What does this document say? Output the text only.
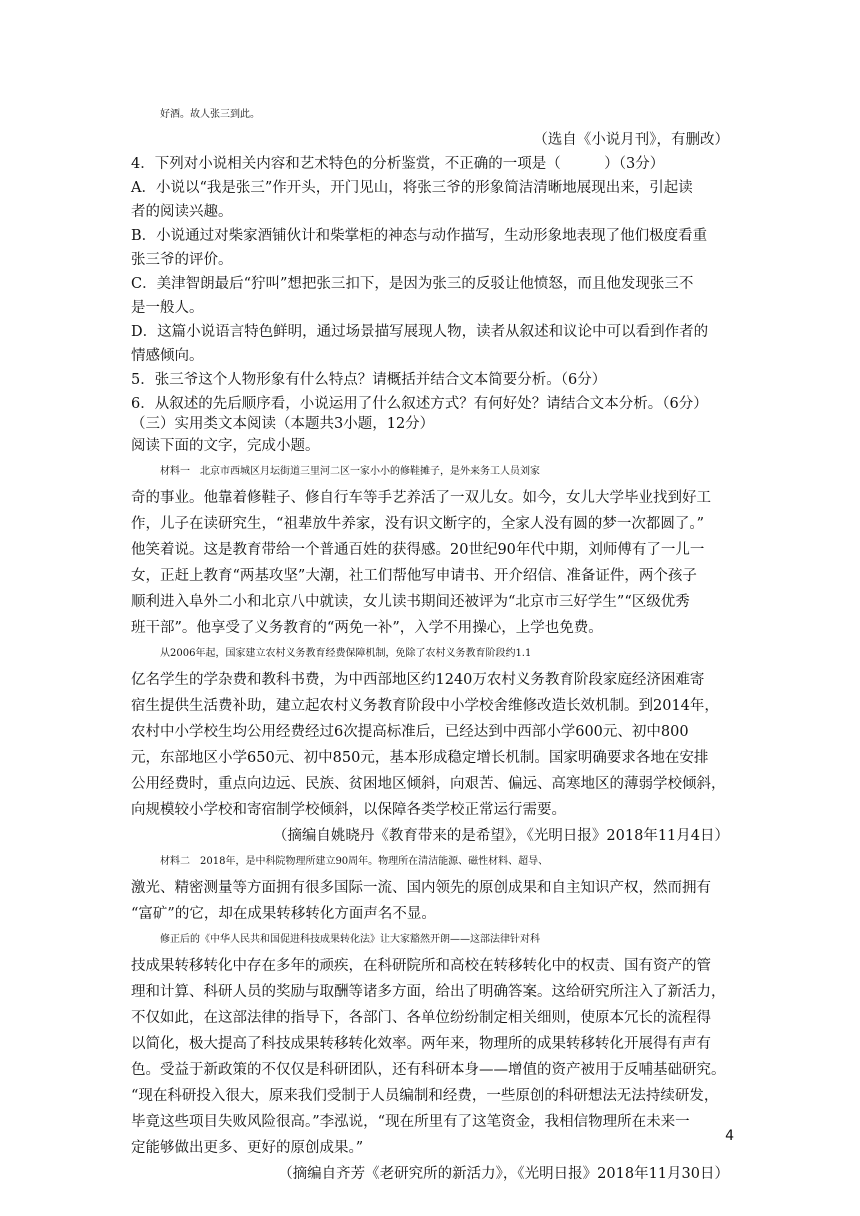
好酒。故人张三到此。
（选自《小说月刊》，有删改）
4．下列对小说相关内容和艺术特色的分析鉴赏，不正确的一项是（　　　）（3分）
A．小说以“我是张三”作开头，开门见山，将张三爷的形象简洁清晰地展现出来，引起读
者的阅读兴趣。
B．小说通过对柴家酒铺伙计和柴掌柜的神态与动作描写，生动形象地表现了他们极度看重
张三爷的评价。
C．美津智朗最后“狞叫”想把张三扣下，是因为张三的反驳让他愤怒，而且他发现张三不
是一般人。
D．这篇小说语言特色鲜明，通过场景描写展现人物，读者从叙述和议论中可以看到作者的
情感倾向。
5．张三爷这个人物形象有什么特点？请概括并结合文本简要分析。（6分）
6．从叙述的先后顺序看，小说运用了什么叙述方式？有何好处？请结合文本分析。（6分）
（三）实用类文本阅读（本题共3小题，12分）
阅读下面的文字，完成小题。
材料一　北京市西城区月坛街道三里河二区一家小小的修鞋摊子，是外来务工人员刘家
奇的事业。他靠着修鞋子、修自行车等手艺养活了一双儿女。如今，女儿大学毕业找到好工
作，儿子在读研究生，“祖辈放牛养家，没有识文断字的，全家人没有圆的梦一次都圆了。”
他笑着说。这是教育带给一个普通百姓的获得感。20世纪90年代中期，刘师傅有了一儿一
女，正赶上教育“两基攻坚”大潮，社工们帮他写申请书、开介绍信、准备证件，两个孩子
顺利进入阜外二小和北京八中就读，女儿读书期间还被评为“北京市三好学生”“区级优秀
班干部”。他享受了义务教育的“两免一补”，入学不用操心，上学也免费。
从2006年起，国家建立农村义务教育经费保障机制，免除了农村义务教育阶段约1.1
亿名学生的学杂费和教科书费，为中西部地区约1240万农村义务教育阶段家庭经济困难寄
宿生提供生活费补助，建立起农村义务教育阶段中小学校舍维修改造长效机制。到2014年，
农村中小学校生均公用经费经过6次提高标准后，已经达到中西部小学600元、初中800
元，东部地区小学650元、初中850元，基本形成稳定增长机制。国家明确要求各地在安排
公用经费时，重点向边远、民族、贫困地区倾斜，向艰苦、偏远、高寒地区的薄弱学校倾斜，
向规模较小学校和寄宿制学校倾斜，以保障各类学校正常运行需要。
（摘编自姚晓丹《教育带来的是希望》，《光明日报》2018年11月4日）
材料二　2018年，是中科院物理所建立90周年。物理所在清洁能源、磁性材料、超导、
激光、精密测量等方面拥有很多国际一流、国内领先的原创成果和自主知识产权，然而拥有
“富矿”的它，却在成果转移转化方面声名不显。
修正后的《中华人民共和国促进科技成果转化法》让大家豁然开朗——这部法律针对科
技成果转移转化中存在多年的顽疾，在科研院所和高校在转移转化中的权责、国有资产的管
理和计算、科研人员的奖励与取酬等诸多方面，给出了明确答案。这给研究所注入了新活力，
不仅如此，在这部法律的指导下，各部门、各单位纷纷制定相关细则，使原本冗长的流程得
以简化，极大提高了科技成果转移转化效率。两年来，物理所的成果转移转化开展得有声有
色。受益于新政策的不仅仅是科研团队，还有科研本身——增值的资产被用于反哺基础研究。
“现在科研投入很大，原来我们受制于人员编制和经费，一些原创的科研想法无法持续研发，
毕竟这些项目失败风险很高。”李泓说，“现在所里有了这笔资金，我相信物理所在未来一
定能够做出更多、更好的原创成果。”
（摘编自齐芳《老研究所的新活力》，《光明日报》2018年11月30日）
4
